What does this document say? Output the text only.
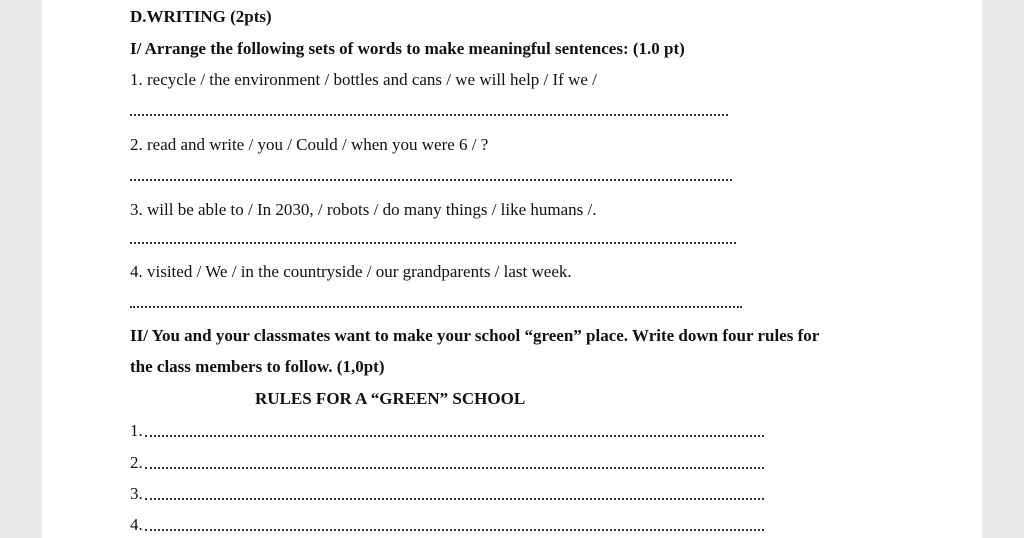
D.WRITING (2pts)
I/ Arrange the following sets of words to make meaningful sentences: (1.0 pt)
1. recycle / the environment / bottles and cans / we will help / If we /
2. read and write / you / Could / when you were 6 / ?
3. will be able to / In 2030, / robots / do many things / like humans /.
4. visited / We / in the countryside / our grandparents / last week.
II/ You and your classmates want to make your school “green” place. Write down four rules for
the class members to follow. (1,0pt)
RULES FOR A “GREEN” SCHOOL
1.
2.
3.
4.
